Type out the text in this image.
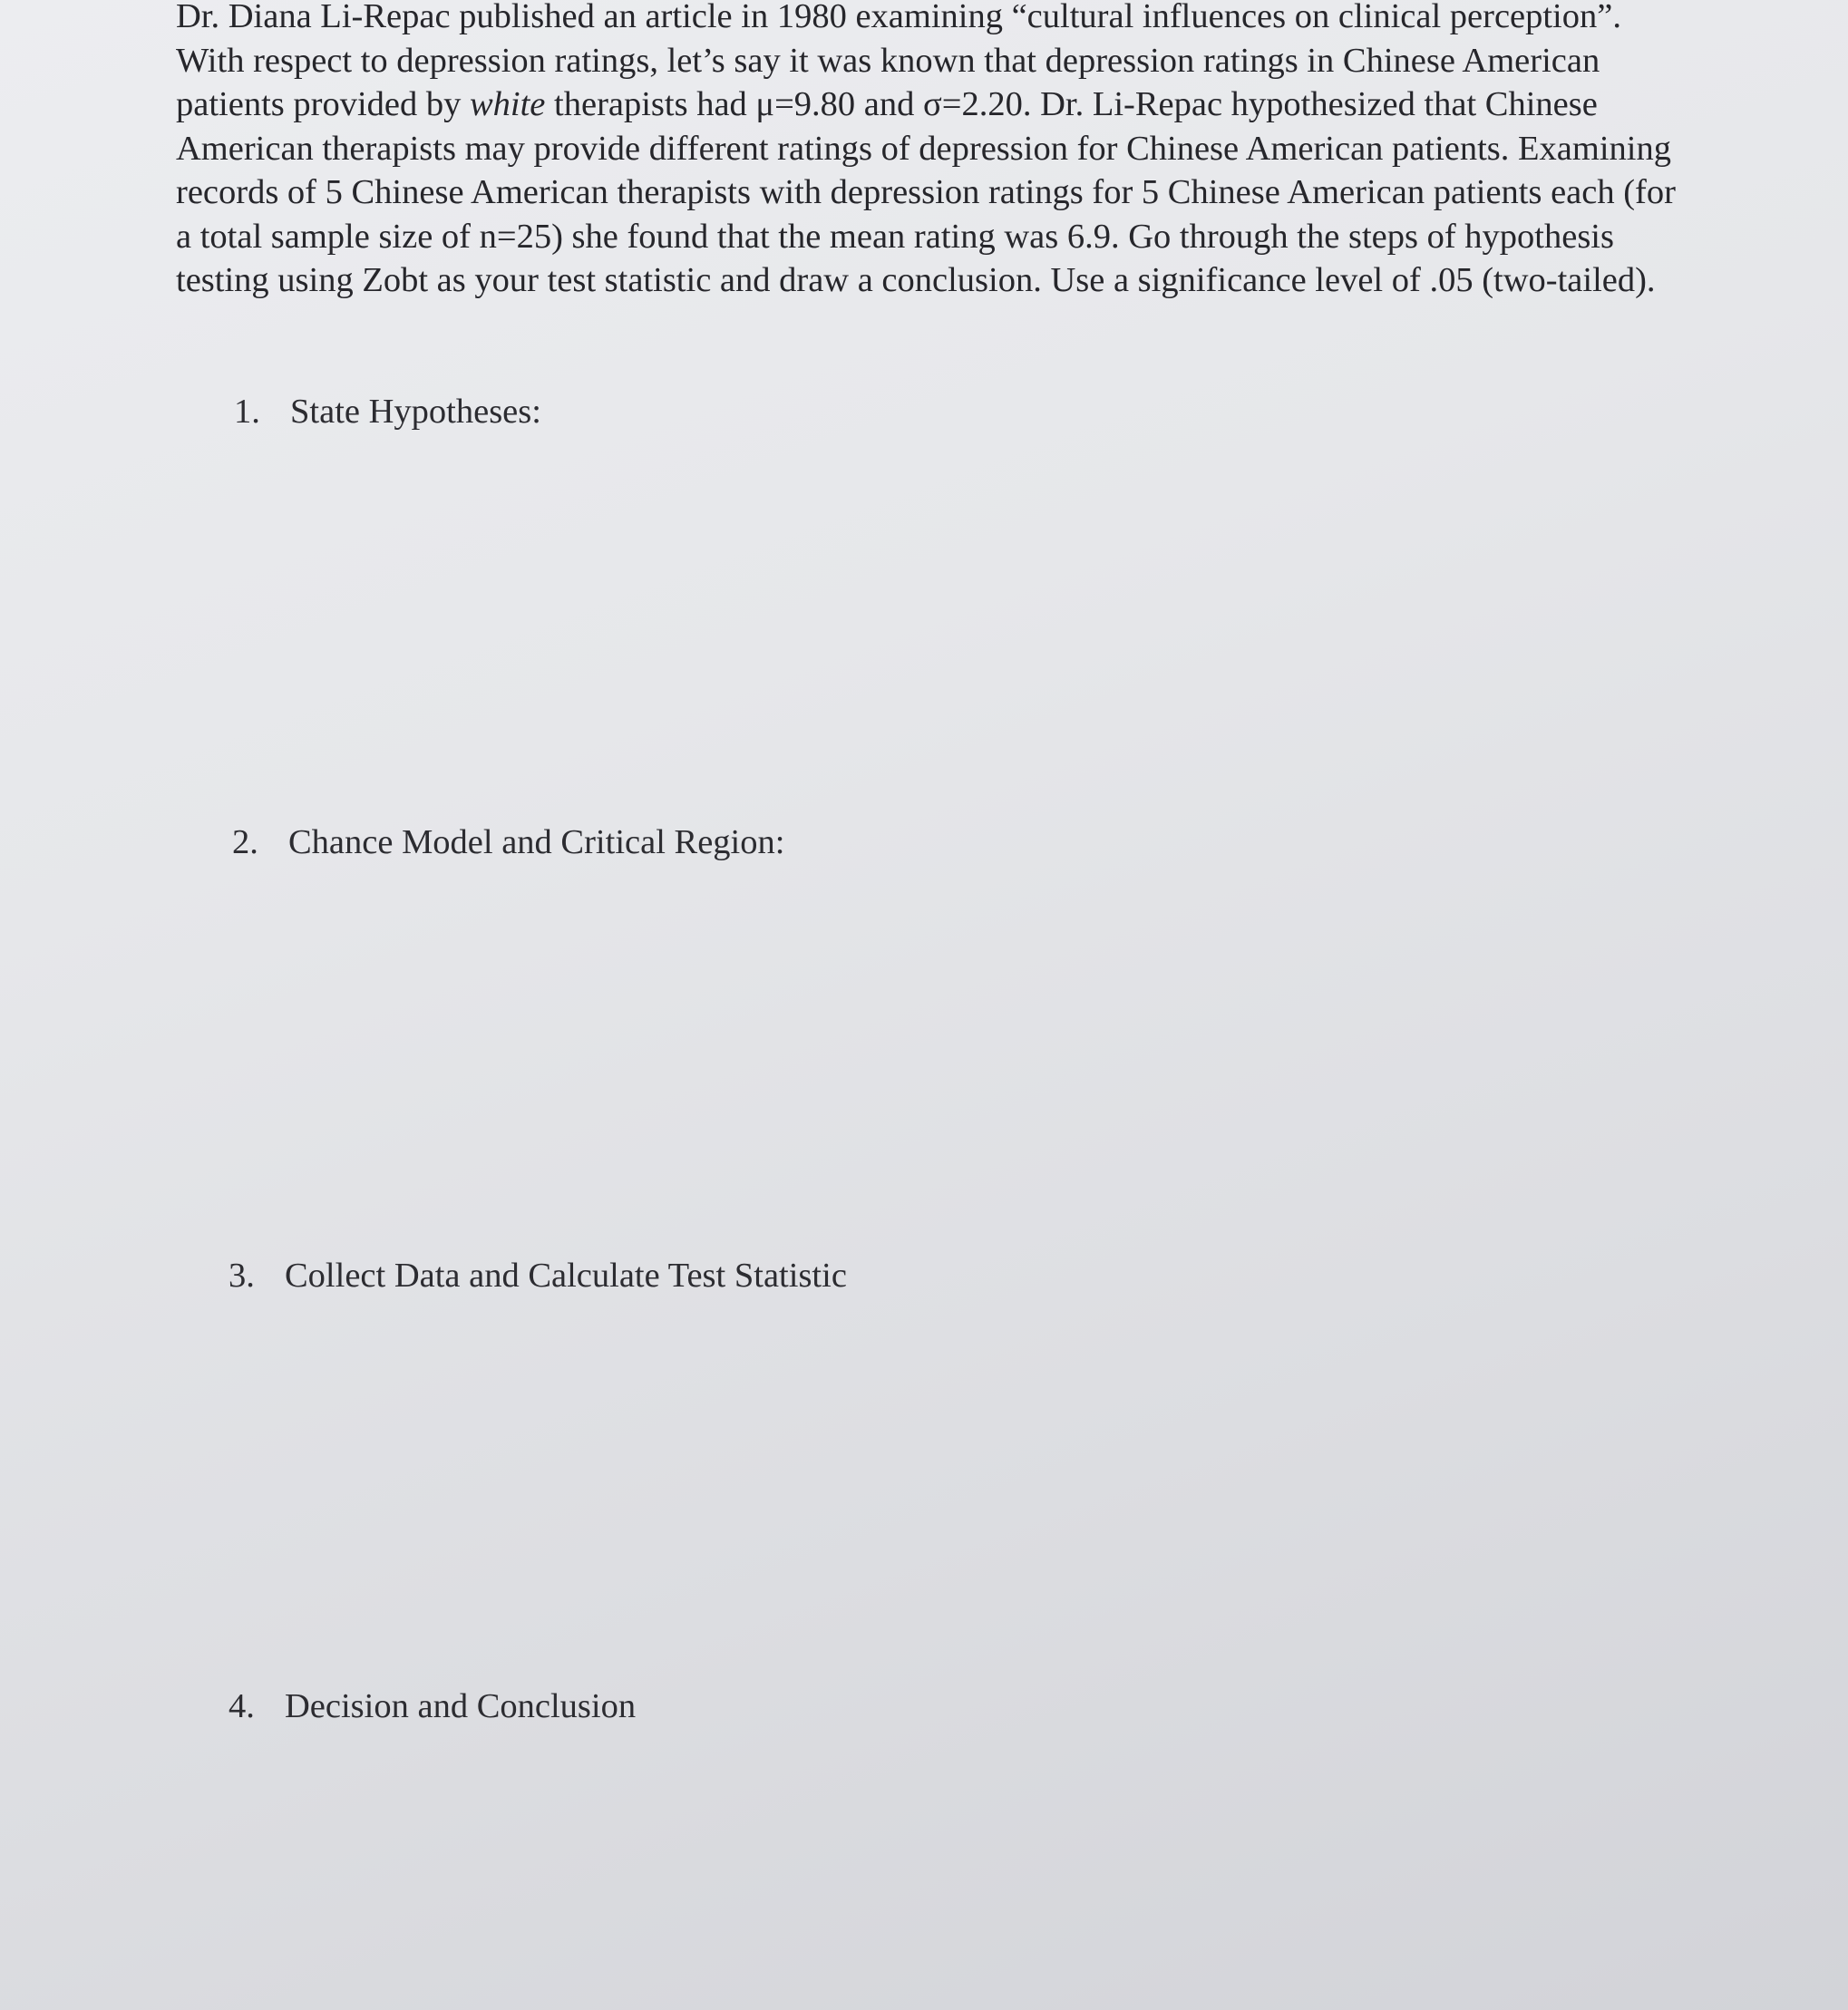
Dr. Diana Li-Repac published an article in 1980 examining “cultural influences on clinical perception”. With respect to depression ratings, let’s say it was known that depression ratings in Chinese American patients provided by white therapists had μ=9.80 and σ=2.20. Dr. Li-Repac hypothesized that Chinese American therapists may provide different ratings of depression for Chinese American patients. Examining records of 5 Chinese American therapists with depression ratings for 5 Chinese American patients each (for a total sample size of n=25) she found that the mean rating was 6.9. Go through the steps of hypothesis testing using Zobt as your test statistic and draw a conclusion. Use a significance level of .05 (two-tailed).

1. State Hypotheses:
2. Chance Model and Critical Region:
3. Collect Data and Calculate Test Statistic
4. Decision and Conclusion
